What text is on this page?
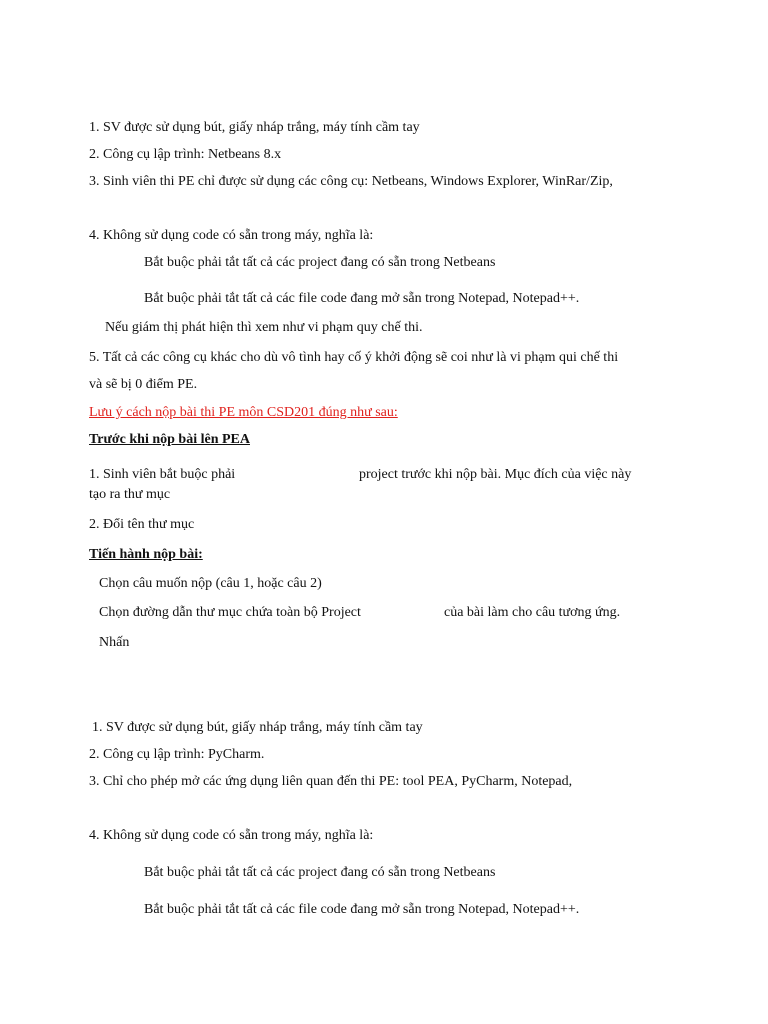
1. SV được sử dụng bút, giấy nháp trắng, máy tính cầm tay
2. Công cụ lập trình: Netbeans 8.x
3. Sinh viên thi PE chỉ được sử dụng các công cụ: Netbeans, Windows Explorer, WinRar/Zip,
4. Không sử dụng code có sẵn trong máy, nghĩa là:
Bắt buộc phải tắt tất cả các project đang có sẵn trong Netbeans
Bắt buộc phải tắt tất cả các file code đang mở sẵn trong Notepad, Notepad++.
Nếu giám thị phát hiện thì xem như vi phạm quy chế thi.
5. Tất cả các công cụ khác cho dù vô tình hay cố ý khởi động sẽ coi như là vi phạm qui chế thi
và sẽ bị 0 điểm PE.
Lưu ý cách nộp bài thi PE môn CSD201 đúng như sau:
Trước khi nộp bài lên PEA
1. Sinh viên bắt buộc phải	project trước khi nộp bài. Mục đích của việc này
tạo ra thư mục
2. Đổi tên thư mục
Tiến hành nộp bài:
Chọn câu muốn nộp (câu 1, hoặc câu 2)
Chọn đường dẫn thư mục chứa toàn bộ Project	của bài làm cho câu tương ứng.
Nhấn
1. SV được sử dụng bút, giấy nháp trắng, máy tính cầm tay
2. Công cụ lập trình: PyCharm.
3. Chỉ cho phép mở các ứng dụng liên quan đến thi PE: tool PEA, PyCharm, Notepad,
4. Không sử dụng code có sẵn trong máy, nghĩa là:
Bắt buộc phải tắt tất cả các project đang có sẵn trong Netbeans
Bắt buộc phải tắt tất cả các file code đang mở sẵn trong Notepad, Notepad++.
